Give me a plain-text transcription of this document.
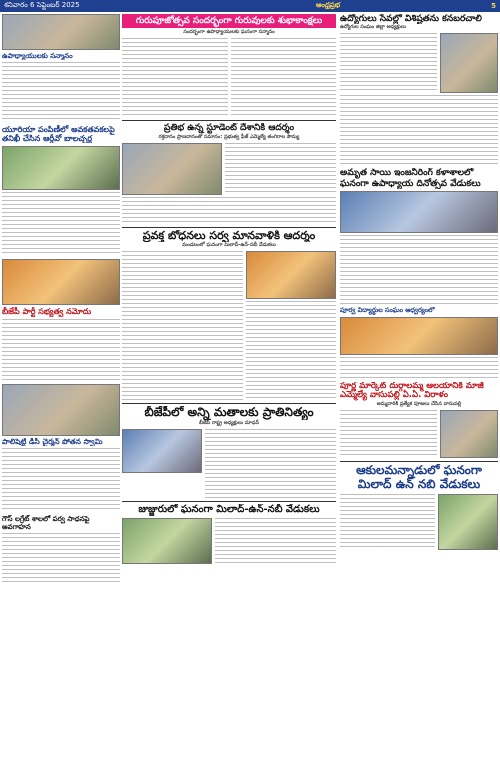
శనివారం 6 సెప్టెంబర్ 2025	ఆంధ్రప్రభ	5
ఉపాధ్యాయులకు సన్మానం
యూరియా పంపిణీలో అవకతవకలపై తనిఖీ చేసిన ఆర్డీవో బాలచ్చర్ల
బీజేపీ పార్టీ సభ్యత్వ నమోదు
పాలిషెట్టి డీసీ చైర్మన్ పోతన స్వామి
గౌస్ లగ్రేట్ శాలలో పర్వ సాధనపై అవగాహన
గురుపూజోత్సవ సందర్భంగా గురువులకు శుభాకాంక్షలు
సందర్భంగా ఉపాధ్యాయులకు ఘనంగా సన్మానం
ప్రతిభ ఉన్న స్టూడెంట్ దేశానికి ఆదర్శం
రక్తదానం ప్రాణదానంతో సమానం: ప్రభుత్వ ఫీజ్ ఎమ్మెల్యే తంగిరాల సౌమ్య
ప్రవక్త బోధనలు సర్వ మానవాళికి ఆదర్శం
మండలంలో ఘనంగా మిలాద్-ఉన్-నబీ వేడుకలు
బీజేపీలో అన్ని మతాలకు ప్రాతినిత్యం
బీజేపీ రాష్ట్ర అధ్యక్షులు మాధవ్
జుజ్జురులో ఘనంగా మిలాద్-ఉన్-నబీ వేడుకలు
ఉద్యోగులు సేవల్లో విశిష్టతను కనబరచాలి
ఉద్యోగుల సంఘం జిల్లా అధ్యక్షులు
అమృత సాయి ఇంజనీరింగ్ కళాశాలలో ఘనంగా ఉపాధ్యాయ దినోత్సవ వేడుకలు
పూర్వ విద్యార్థుల సంఘం ఆధ్వర్యంలో
పూర్ణ మార్కెట్ దుర్గాలమ్మ ఆలయానికి మాజీ ఎమ్మెల్యే వాసుపల్లి ఏ.ఏ. విరాళం
అమ్మవారికి ప్రత్యేక పూజలు చేసిన వాసుపల్లి
ఆకులమన్నాడులో ఘనంగా మిలాద్ ఉన్ నబి వేడుకలు
